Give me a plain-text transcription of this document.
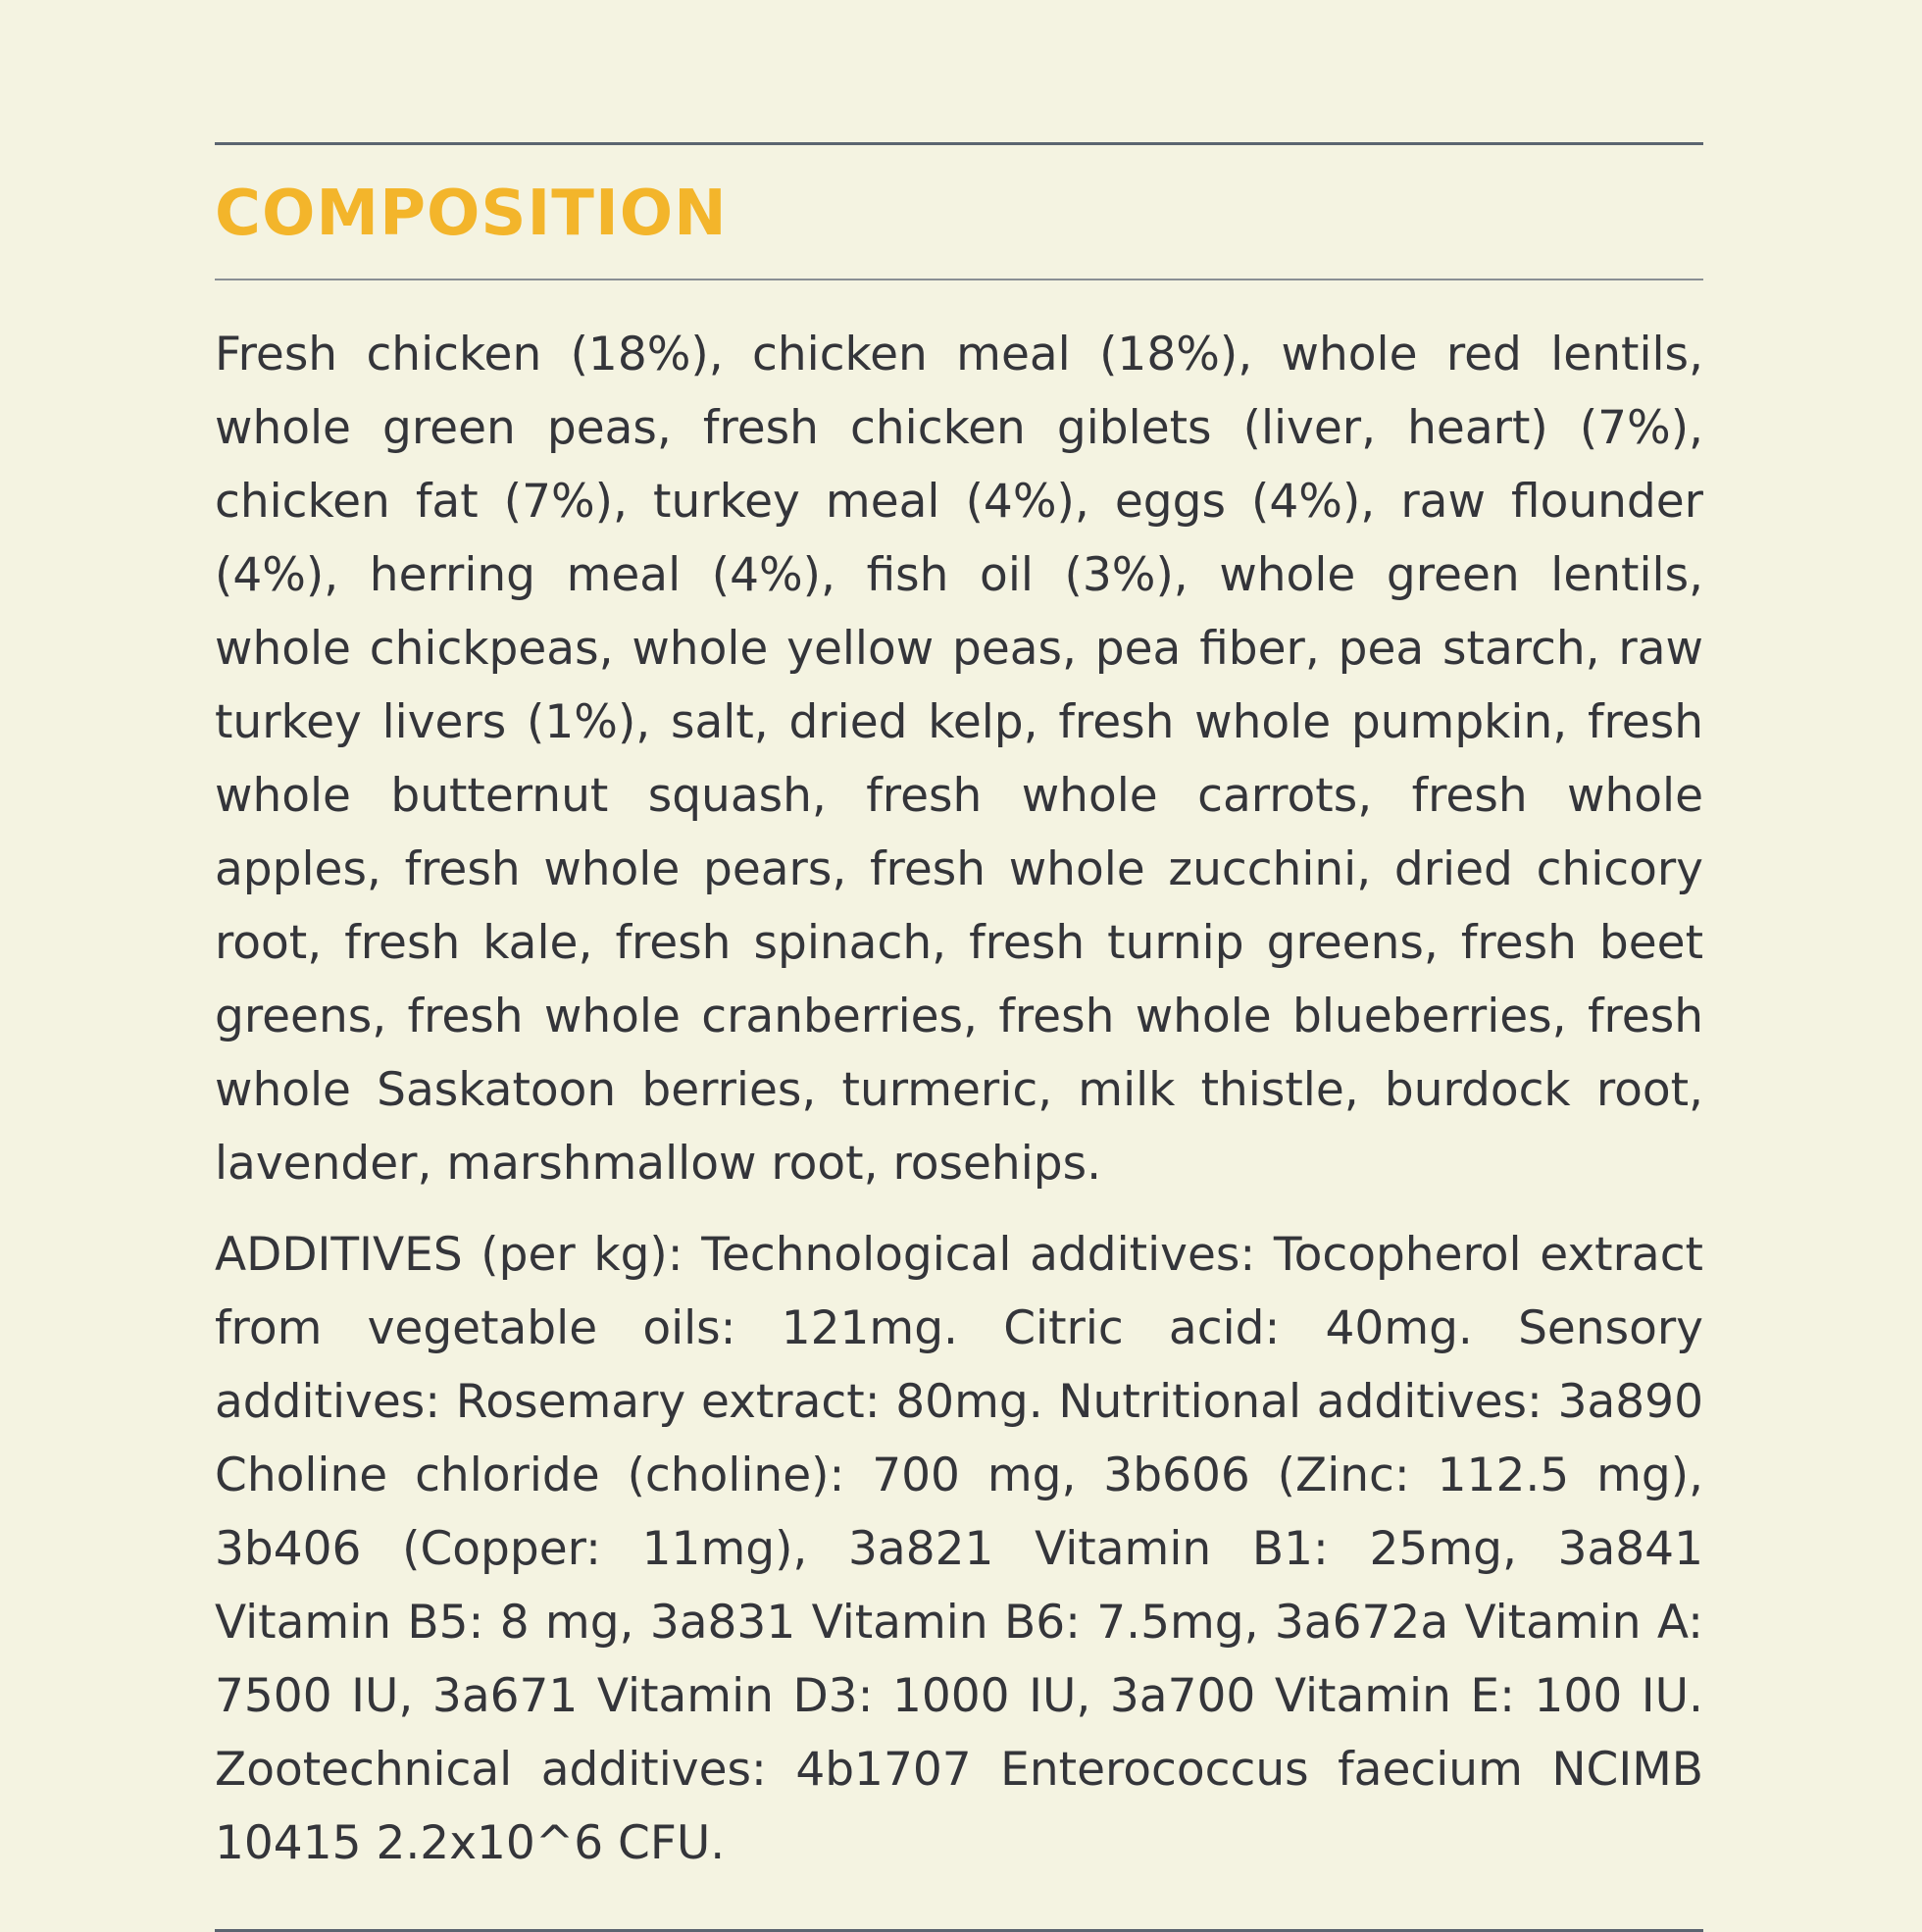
COMPOSITION

Fresh chicken (18%), chicken meal (18%), whole red lentils, whole green peas, fresh chicken giblets (liver, heart) (7%), chicken fat (7%), turkey meal (4%), eggs (4%), raw flounder (4%), herring meal (4%), fish oil (3%), whole green lentils, whole chickpeas, whole yellow peas, pea fiber, pea starch, raw turkey livers (1%), salt, dried kelp, fresh whole pumpkin, fresh whole butternut squash, fresh whole carrots, fresh whole apples, fresh whole pears, fresh whole zucchini, dried chicory root, fresh kale, fresh spinach, fresh turnip greens, fresh beet greens, fresh whole cranberries, fresh whole blueberries, fresh whole Saskatoon berries, turmeric, milk thistle, burdock root, lavender, marshmallow root, rosehips.

ADDITIVES (per kg): Technological additives: Tocopherol extract from vegetable oils: 121mg. Citric acid: 40mg. Sensory additives: Rosemary extract: 80mg. Nutritional additives: 3a890 Choline chloride (choline): 700 mg, 3b606 (Zinc: 112.5 mg), 3b406 (Copper: 11mg), 3a821 Vitamin B1: 25mg, 3a841 Vitamin B5: 8 mg, 3a831 Vitamin B6: 7.5mg, 3a672a Vitamin A: 7500 IU, 3a671 Vitamin D3: 1000 IU, 3a700 Vitamin E: 100 IU. Zootechnical additives: 4b1707 Enterococcus faecium NCIMB 10415 2.2x10^6 CFU.
